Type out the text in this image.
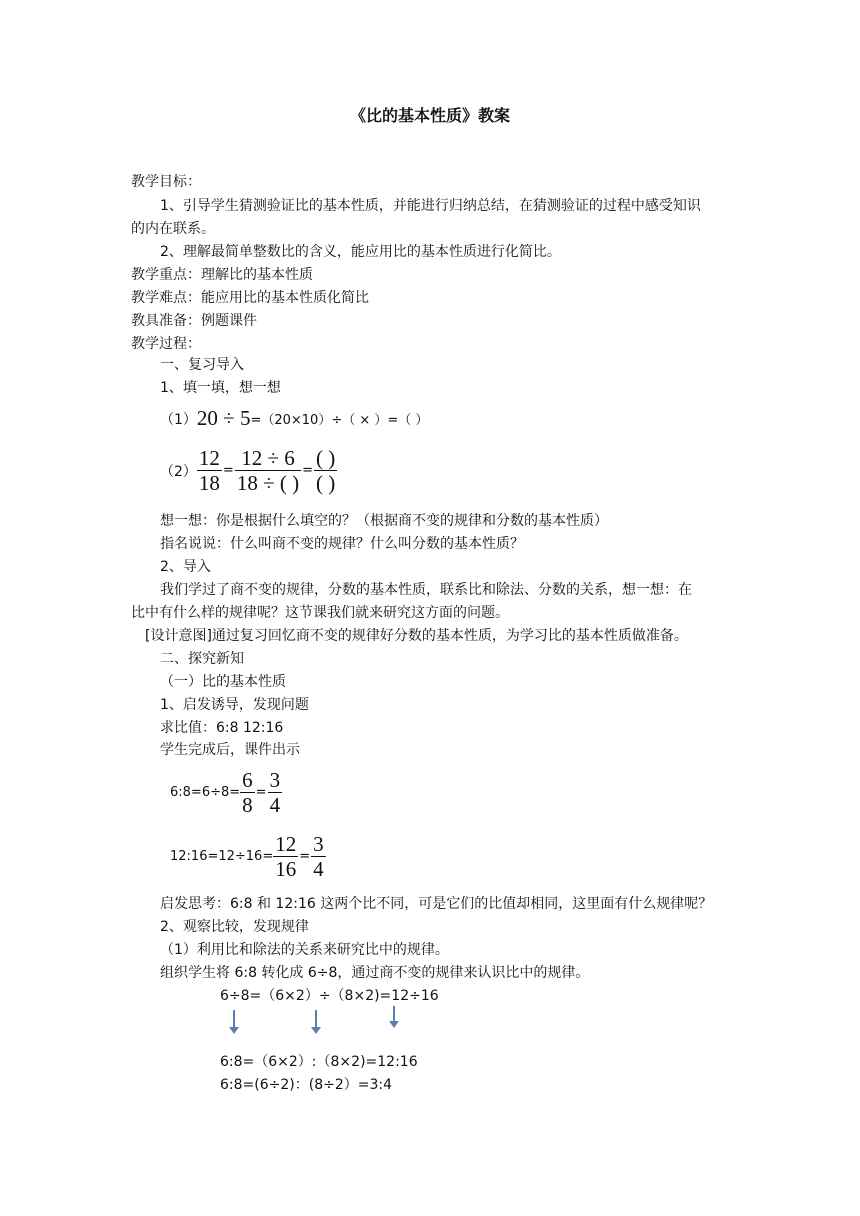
《比的基本性质》教案
教学目标：
1、引导学生猜测验证比的基本性质，并能进行归纳总结，在猜测验证的过程中感受知识
的内在联系。
2、理解最简单整数比的含义，能应用比的基本性质进行化简比。
教学重点：理解比的基本性质
教学难点：能应用比的基本性质化简比
教具准备：例题课件
教学过程：
一、复习导入
1、填一填，想一想
（1） 20 ÷ 5 =（20×10）÷（ × ）=（ ）
$(2) \frac{12}{18} = \frac{12 \div 6}{18 \div ( )} = \frac{( )}{( )}$
想一想：你是根据什么填空的？（根据商不变的规律和分数的基本性质）
指名说说：什么叫商不变的规律？什么叫分数的基本性质？
2、导入
我们学过了商不变的规律，分数的基本性质，联系比和除法、分数的关系，想一想：在
比中有什么样的规律呢？这节课我们就来研究这方面的问题。
[设计意图]通过复习回忆商不变的规律好分数的基本性质，为学习比的基本性质做准备。
二、探究新知
（一）比的基本性质
1、启发诱导，发现问题
求比值：6:8 12:16
学生完成后，课件出示
6:8=6÷8= $\frac{6}{8} = \frac{3}{4}$
12:16=12÷16= $\frac{12}{16} = \frac{3}{4}$
启发思考：6:8 和 12:16 这两个比不同，可是它们的比值却相同，这里面有什么规律呢？
2、观察比较，发现规律
（1）利用比和除法的关系来研究比中的规律。
组织学生将 6:8 转化成 6÷8，通过商不变的规律来认识比中的规律。
6÷8=（6×2）÷（8×2)=12÷16
6:8=（6×2）:（8×2)=12:16
6:8=(6÷2)：(8÷2）=3:4
